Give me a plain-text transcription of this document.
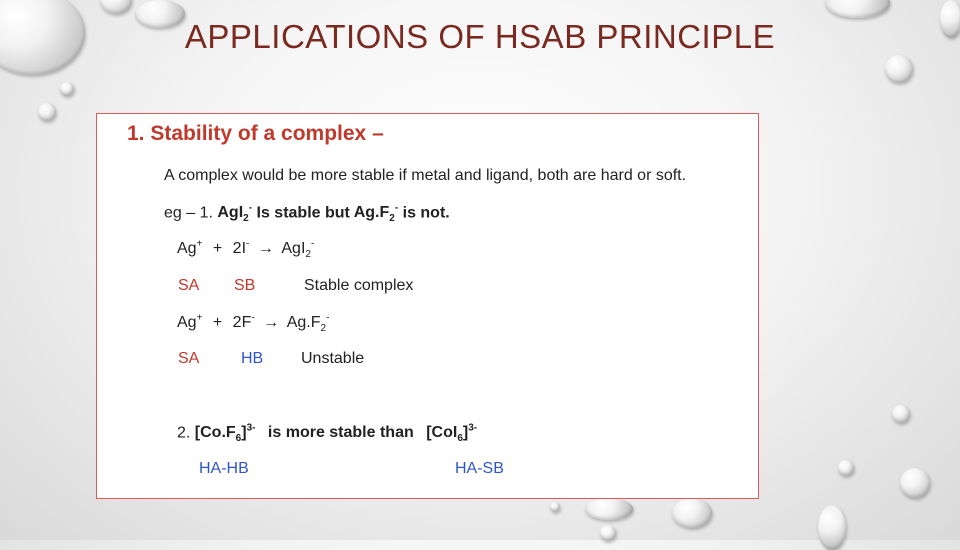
APPLICATIONS OF HSAB PRINCIPLE
1. Stability of a complex –
A complex would be more stable if metal and ligand, both are hard or soft.
eg – 1. AgI$_2$- Is stable but $Ag.F_2^-$ is not.
Ag+ + 2I- → AgI$_2$-
SA SB	Stable complex
$Ag^+ + 2F^- \to Ag.F_2^-$
SA	HB Unstable
2. $[Co.F_6]^{3-}$ is more stable than $[CoI_6]^{3-}$
HA-HB	HA-SB
